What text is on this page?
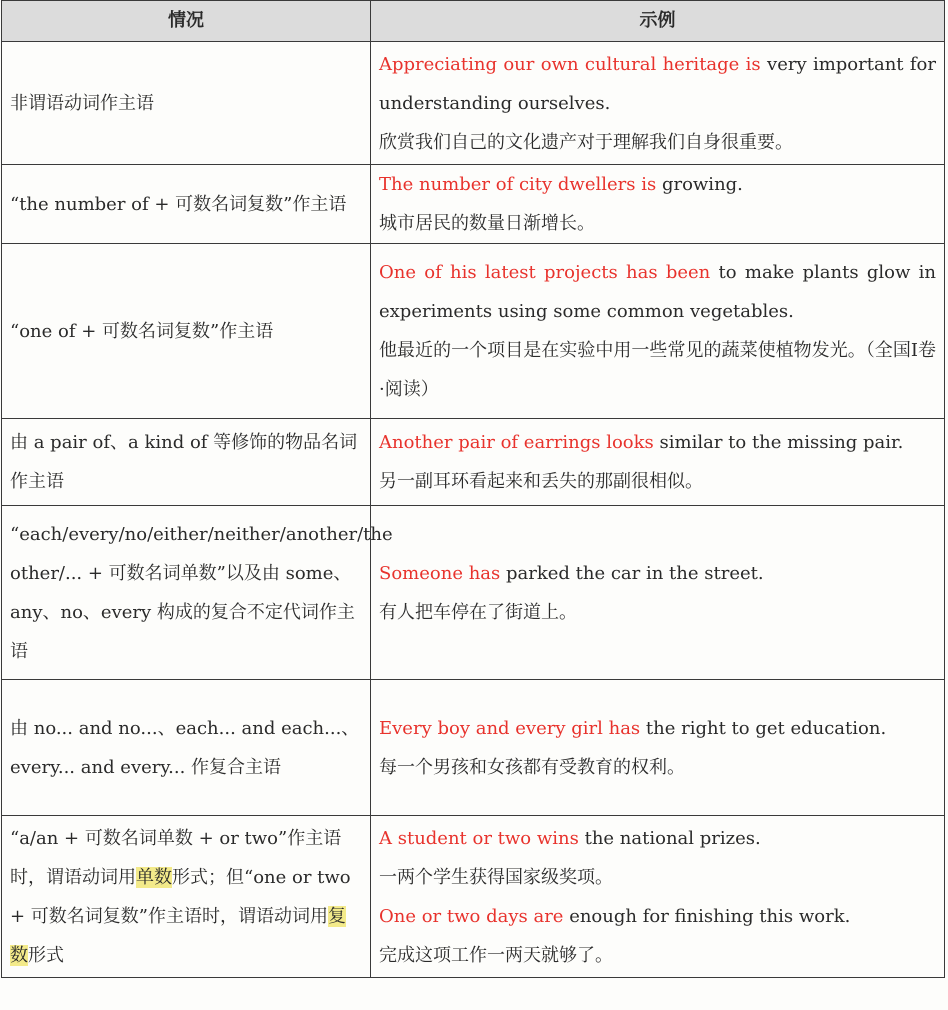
情况	示例
非谓语动词作主语	Appreciating our own cultural heritage is very important for understanding ourselves.
欣赏我们自己的文化遗产对于理解我们自身很重要。

“the number of + 可数名词复数”作主语	The number of city dwellers is growing.
城市居民的数量日渐增长。

“one of + 可数名词复数”作主语	One of his latest projects has been to make plants glow in experiments using some common vegetables.
他最近的一个项目是在实验中用一些常见的蔬菜使植物发光。（全国Ⅰ卷·阅读）

由 a pair of、a kind of 等修饰的物品名词作主语	Another pair of earrings looks similar to the missing pair.
另一副耳环看起来和丢失的那副很相似。

“each/every/no/either/neither/another/the other/... + 可数名词单数”以及由 some、any、no、every 构成的复合不定代词作主语	Someone has parked the car in the street.
有人把车停在了街道上。

由 no... and no...、each... and each...、every... and every... 作复合主语	Every boy and every girl has the right to get education.
每一个男孩和女孩都有受教育的权利。

“a/an + 可数名词单数 + or two”作主语时，谓语动词用单数形式；但“one or two + 可数名词复数”作主语时，谓语动词用复数形式	A student or two wins the national prizes.
一两个学生获得国家级奖项。
One or two days are enough for finishing this work.
完成这项工作一两天就够了。
